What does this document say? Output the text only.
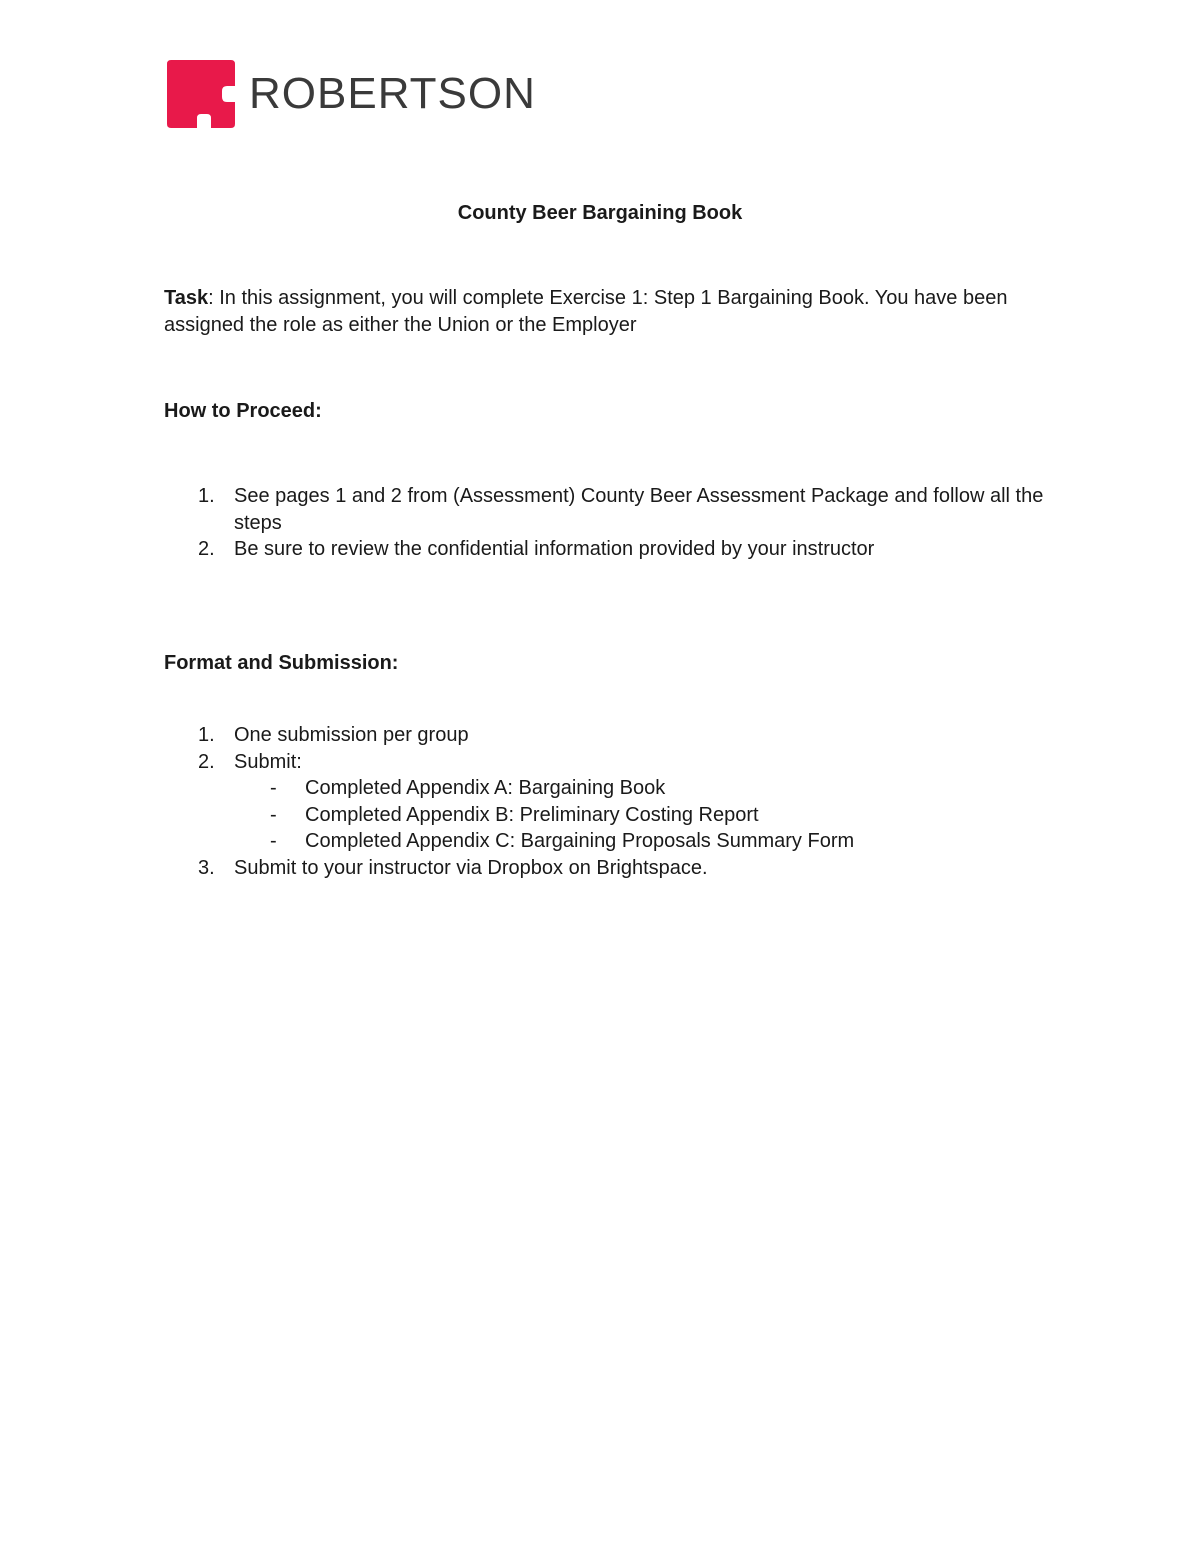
ROBERTSON
County Beer Bargaining Book
Task: In this assignment, you will complete Exercise 1: Step 1 Bargaining Book. You have been assigned the role as either the Union or the Employer
How to Proceed:
1. See pages 1 and 2 from (Assessment) County Beer Assessment Package and follow all the steps
2. Be sure to review the confidential information provided by your instructor
Format and Submission:
1. One submission per group
2. Submit:
- Completed Appendix A: Bargaining Book
- Completed Appendix B: Preliminary Costing Report
- Completed Appendix C: Bargaining Proposals Summary Form
3. Submit to your instructor via Dropbox on Brightspace.
